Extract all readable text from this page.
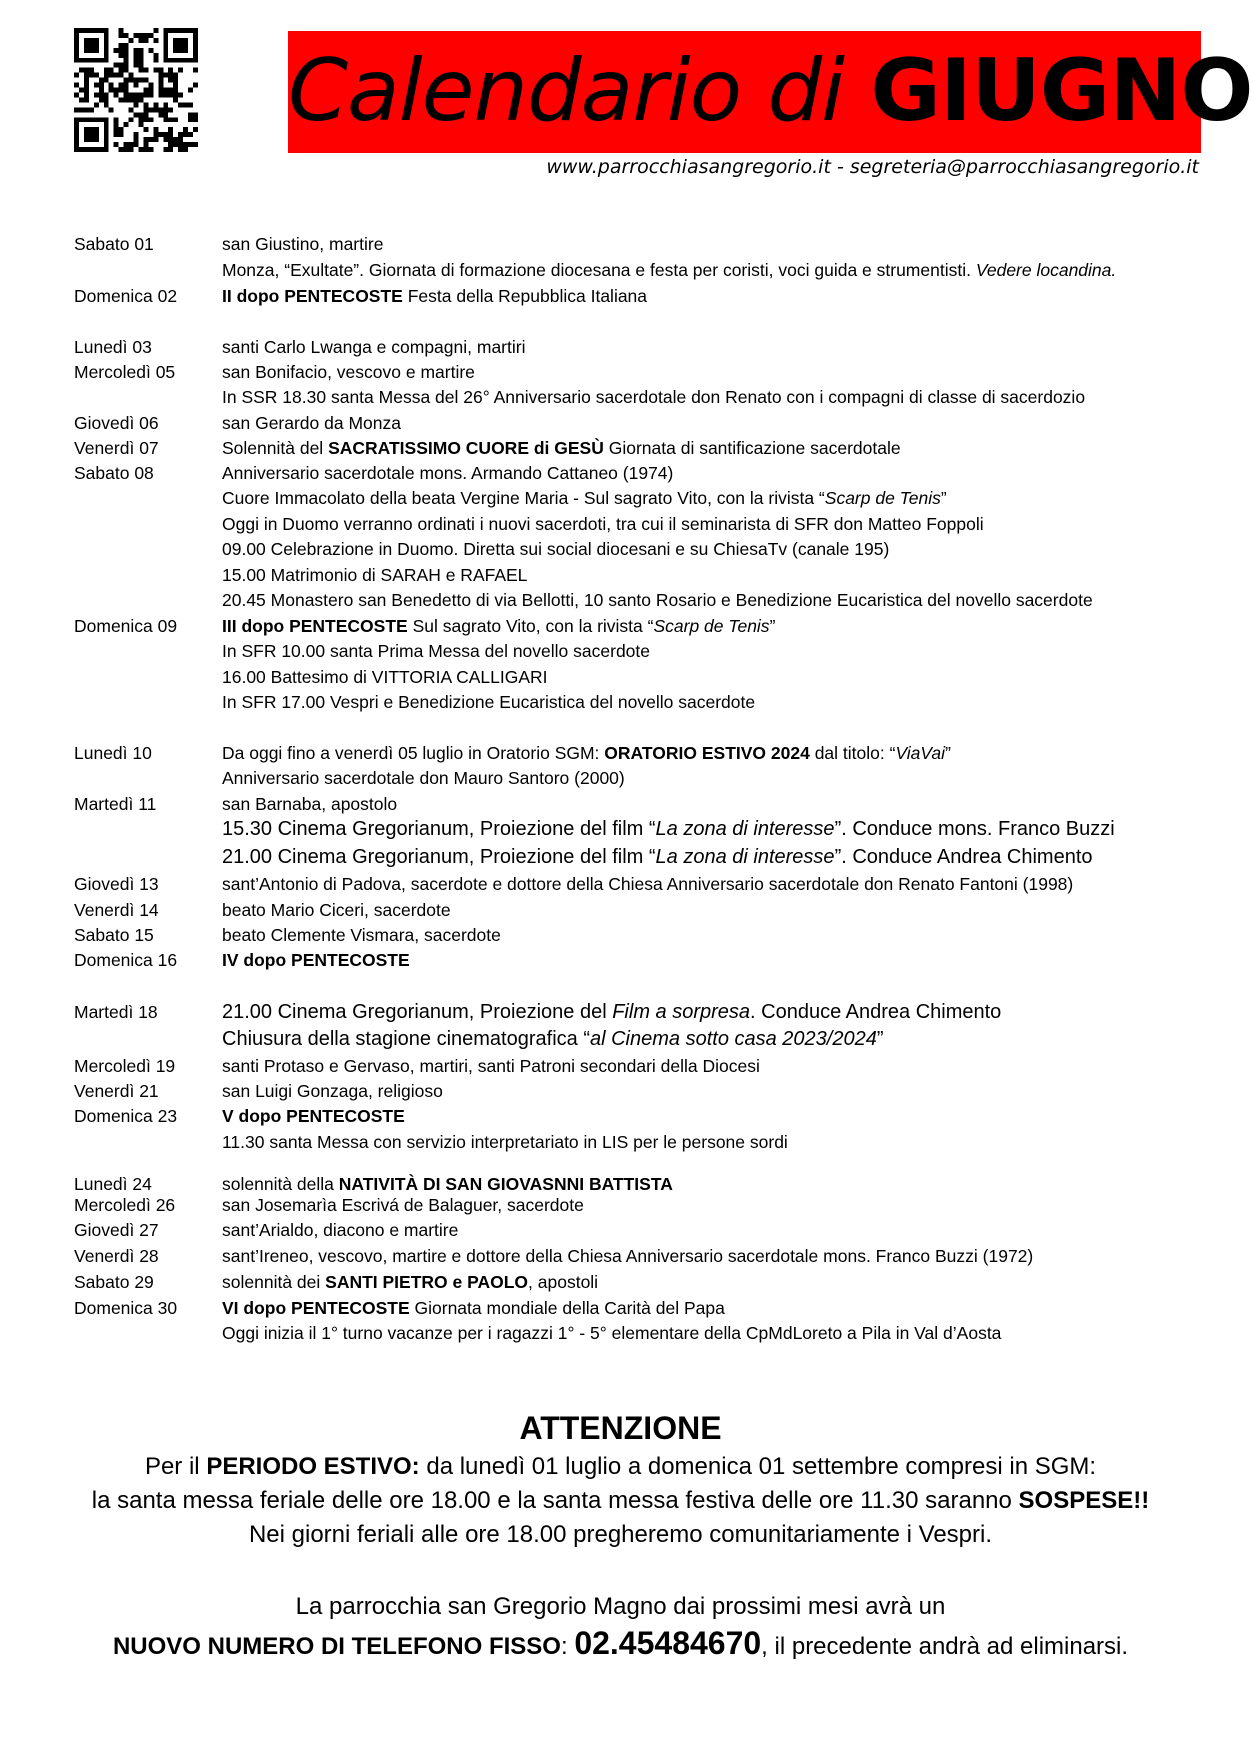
Calendario di GIUGNO
www.parrocchiasangregorio.it - segreteria@parrocchiasangregorio.it
Sabato 01	san Giustino, martire
Monza, “Exultate”. Giornata di formazione diocesana e festa per coristi, voci guida e strumentisti. Vedere locandina.
Domenica 02	II dopo PENTECOSTE Festa della Repubblica Italiana
Lunedì 03	santi Carlo Lwanga e compagni, martiri
Mercoledì 05	san Bonifacio, vescovo e martire
In SSR 18.30 santa Messa del 26° Anniversario sacerdotale don Renato con i compagni di classe di sacerdozio
Giovedì 06	san Gerardo da Monza
Venerdì 07	Solennità del SACRATISSIMO CUORE di GESÙ Giornata di santificazione sacerdotale
Sabato 08	Anniversario sacerdotale mons. Armando Cattaneo (1974)
Cuore Immacolato della beata Vergine Maria - Sul sagrato Vito, con la rivista “Scarp de Tenis”
Oggi in Duomo verranno ordinati i nuovi sacerdoti, tra cui il seminarista di SFR don Matteo Foppoli
09.00 Celebrazione in Duomo. Diretta sui social diocesani e su ChiesaTv (canale 195)
15.00 Matrimonio di SARAH e RAFAEL
20.45 Monastero san Benedetto di via Bellotti, 10 santo Rosario e Benedizione Eucaristica del novello sacerdote
Domenica 09	III dopo PENTECOSTE Sul sagrato Vito, con la rivista “Scarp de Tenis”
In SFR 10.00 santa Prima Messa del novello sacerdote
16.00 Battesimo di VITTORIA CALLIGARI
In SFR 17.00 Vespri e Benedizione Eucaristica del novello sacerdote
Lunedì 10	Da oggi fino a venerdì 05 luglio in Oratorio SGM: ORATORIO ESTIVO 2024 dal titolo: “ViaVai”
Anniversario sacerdotale don Mauro Santoro (2000)
Martedì 11	san Barnaba, apostolo
15.30 Cinema Gregorianum, Proiezione del film “La zona di interesse”. Conduce mons. Franco Buzzi
21.00 Cinema Gregorianum, Proiezione del film “La zona di interesse”. Conduce Andrea Chimento
Giovedì 13	sant’Antonio di Padova, sacerdote e dottore della Chiesa Anniversario sacerdotale don Renato Fantoni (1998)
Venerdì 14	beato Mario Ciceri, sacerdote
Sabato 15	beato Clemente Vismara, sacerdote
Domenica 16	IV dopo PENTECOSTE
Martedì 18	21.00 Cinema Gregorianum, Proiezione del Film a sorpresa. Conduce Andrea Chimento
Chiusura della stagione cinematografica “al Cinema sotto casa 2023/2024”
Mercoledì 19	santi Protaso e Gervaso, martiri, santi Patroni secondari della Diocesi
Venerdì 21	san Luigi Gonzaga, religioso
Domenica 23	V dopo PENTECOSTE
11.30 santa Messa con servizio interpretariato in LIS per le persone sordi
Lunedì 24	solennità della NATIVITÀ DI SAN GIOVASNNI BATTISTA
Mercoledì 26	san Josemarìa Escrivá de Balaguer, sacerdote
Giovedì 27	sant’Arialdo, diacono e martire
Venerdì 28	sant’Ireneo, vescovo, martire e dottore della Chiesa Anniversario sacerdotale mons. Franco Buzzi (1972)
Sabato 29	solennità dei SANTI PIETRO e PAOLO, apostoli
Domenica 30	VI dopo PENTECOSTE Giornata mondiale della Carità del Papa
Oggi inizia il 1° turno vacanze per i ragazzi 1° - 5° elementare della CpMdLoreto a Pila in Val d’Aosta
ATTENZIONE
Per il PERIODO ESTIVO: da lunedì 01 luglio a domenica 01 settembre compresi in SGM:
la santa messa feriale delle ore 18.00 e la santa messa festiva delle ore 11.30 saranno SOSPESE!!
Nei giorni feriali alle ore 18.00 pregheremo comunitariamente i Vespri.
La parrocchia san Gregorio Magno dai prossimi mesi avrà un
NUOVO NUMERO DI TELEFONO FISSO: 02.45484670, il precedente andrà ad eliminarsi.
